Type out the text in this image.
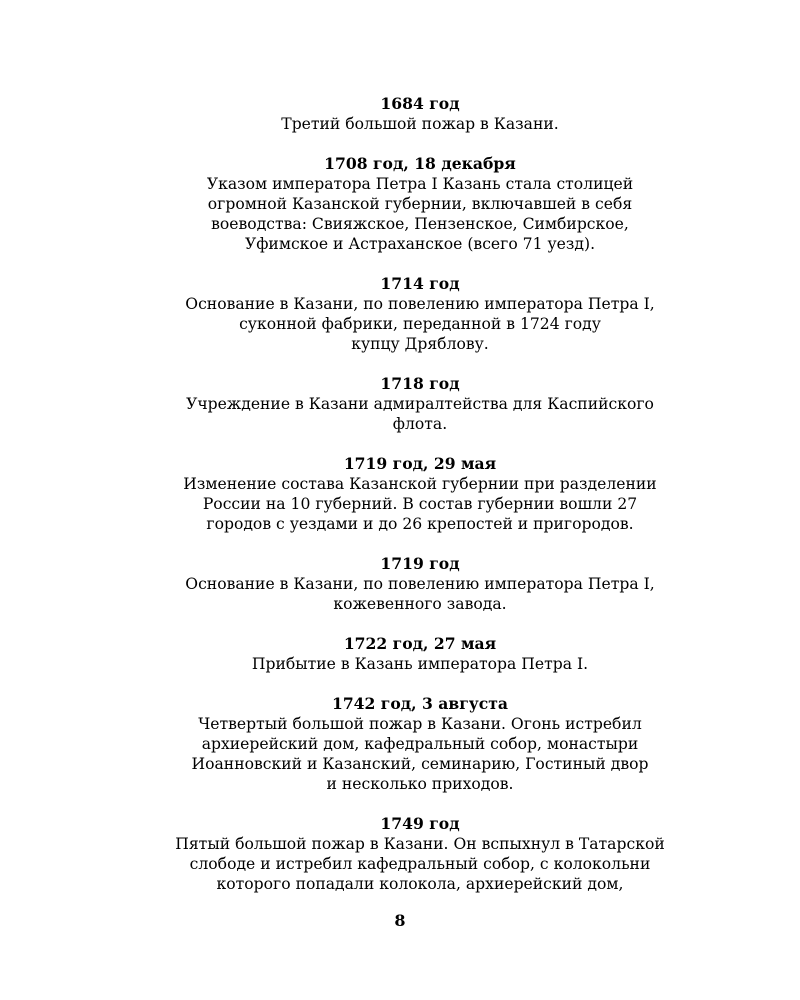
1684 год
Третий большой пожар в Казани.
1708 год, 18 декабря
Указом императора Петра I Казань стала столицей
огромной Казанской губернии, включавшей в себя
воеводства: Свияжское, Пензенское, Симбирское,
Уфимское и Астраханское (всего 71 уезд).
1714 год
Основание в Казани, по повелению императора Петра I,
суконной фабрики, переданной в 1724 году
купцу Дряблову.
1718 год
Учреждение в Казани адмиралтейства для Каспийского
флота.
1719 год, 29 мая
Изменение состава Казанской губернии при разделении
России на 10 губерний. В состав губернии вошли 27
городов с уездами и до 26 крепостей и пригородов.
1719 год
Основание в Казани, по повелению императора Петра I,
кожевенного завода.
1722 год, 27 мая
Прибытие в Казань императора Петра I.
1742 год, 3 августа
Четвертый большой пожар в Казани. Огонь истребил
архиерейский дом, кафедральный собор, монастыри
Иоанновский и Казанский, семинарию, Гостиный двор
и несколько приходов.
1749 год
Пятый большой пожар в Казани. Он вспыхнул в Татарской
слободе и истребил кафедральный собор, с колокольни
которого попадали колокола, архиерейский дом,
8
